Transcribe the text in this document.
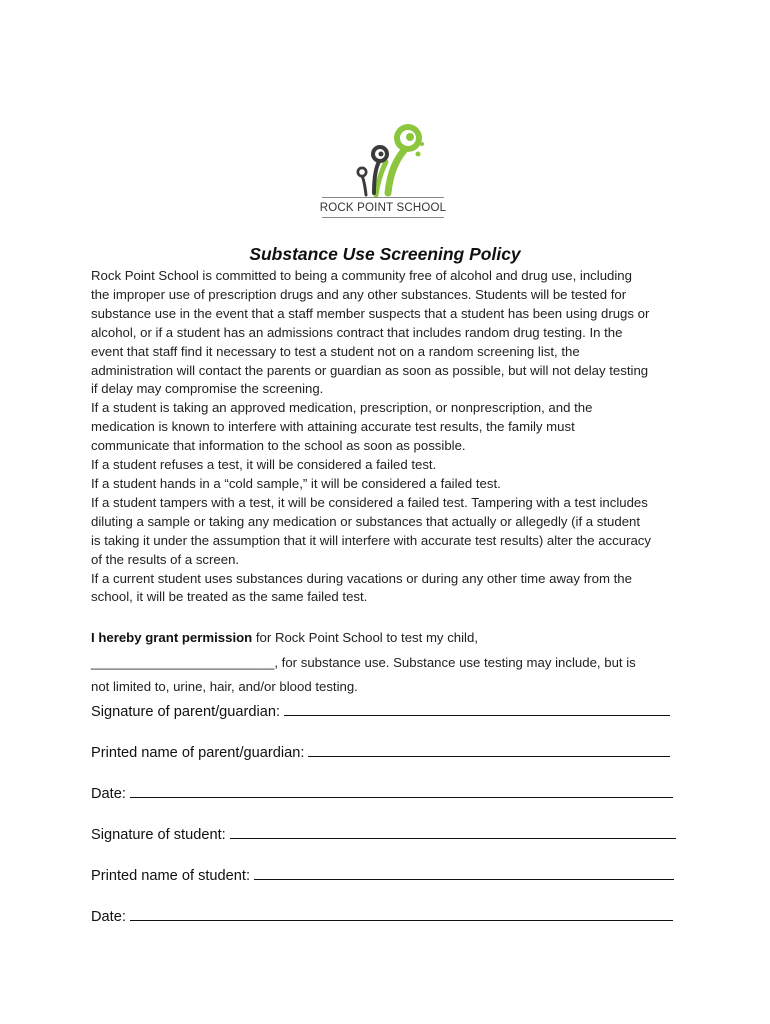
ROCK POINT SCHOOL
Substance Use Screening Policy

Rock Point School is committed to being a community free of alcohol and drug use, including

the improper use of prescription drugs and any other substances. Students will be tested for

substance use in the event that a staff member suspects that a student has been using drugs or

alcohol, or if a student has an admissions contract that includes random drug testing. In the

event that staff find it necessary to test a student not on a random screening list, the

administration will contact the parents or guardian as soon as possible, but will not delay testing

if delay may compromise the screening.

If a student is taking an approved medication, prescription, or nonprescription, and the

medication is known to interfere with attaining accurate test results, the family must

communicate that information to the school as soon as possible.

If a student refuses a test, it will be considered a failed test.

If a student hands in a “cold sample,” it will be considered a failed test.

If a student tampers with a test, it will be considered a failed test. Tampering with a test includes

diluting a sample or taking any medication or substances that actually or allegedly (if a student

is taking it under the assumption that it will interfere with accurate test results) alter the accuracy

of the results of a screen.

If a current student uses substances during vacations or during any other time away from the

school, it will be treated as the same failed test.

I hereby grant permission for Rock Point School to test my child,

_________________________, for substance use. Substance use testing may include, but is

not limited to, urine, hair, and/or blood testing.

Signature of parent/guardian:
Printed name of parent/guardian:
Date:
Signature of student:
Printed name of student:
Date:
